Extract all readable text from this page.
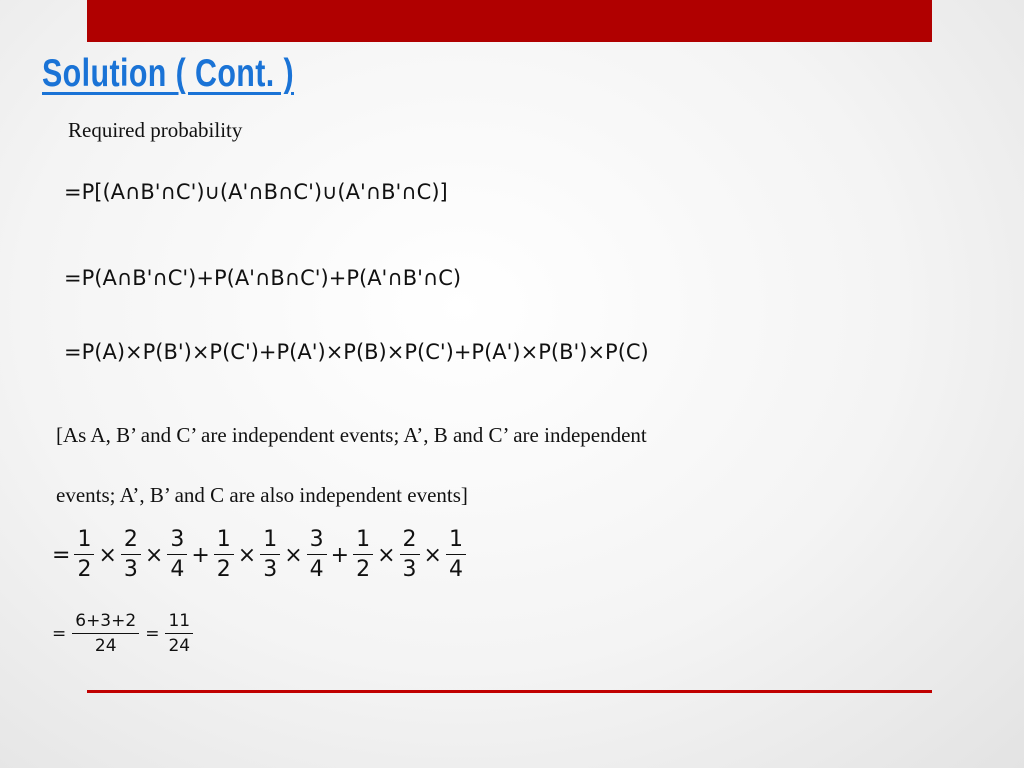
Solution ( Cont. )
Required probability
=P[(A∩B'∩C')∪(A'∩B∩C')∪(A'∩B'∩C)]
=P(A∩B'∩C')+P(A'∩B∩C')+P(A'∩B'∩C)
=P(A)×P(B')×P(C')+P(A')×P(B)×P(C')+P(A')×P(B')×P(C)
[As A, B’ and C’ are independent events; A’, B and C’ are independent
events; A’, B’ and C are also independent events]
= $\frac{1}{2} \times \frac{2}{3} \times \frac{3}{4} + \frac{1}{2} \times \frac{1}{3} \times \frac{3}{4} + \frac{1}{2} \times \frac{2}{3} \times \frac{1}{4}$
= $\frac{6+3+2}{24} = \frac{11}{24}$
